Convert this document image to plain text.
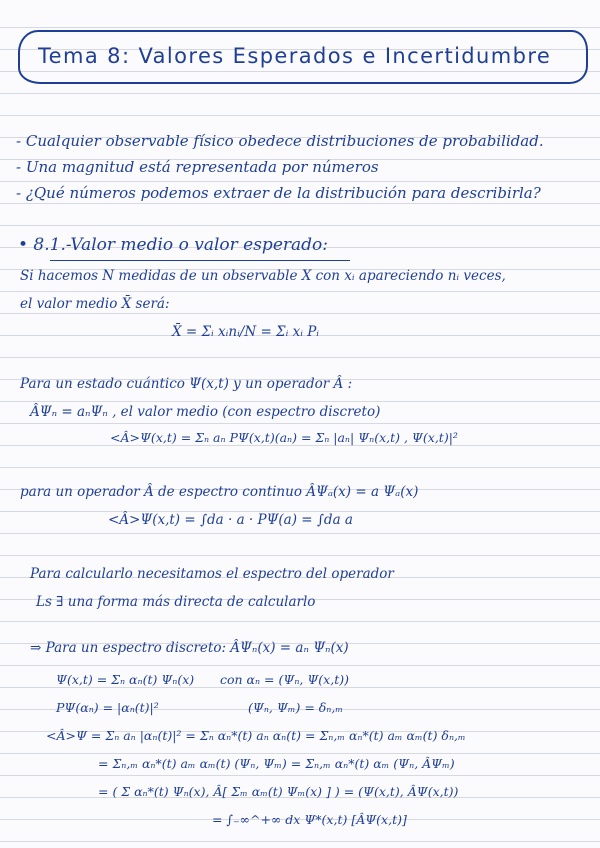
Tema 8: Valores Esperados e Incertidumbre
- Cualquier observable físico obedece distribuciones de probabilidad.
- Una magnitud está representada por números
- ¿Qué números podemos extraer de la distribución para describirla?
• 8.1.-Valor medio o valor esperado:
Si hacemos N medidas de un observable X con xᵢ apareciendo nᵢ veces,
el valor medio X̄ será:
X̄ = Σᵢ xᵢnᵢ/N = Σᵢ xᵢ Pᵢ
Para un estado cuántico Ψ(x,t) y un operador Â :
ÂΨₙ = aₙΨₙ , el valor medio (con espectro discreto)
<Â>Ψ(x,t) = Σₙ aₙ PΨ(x,t)(aₙ) = Σₙ |aₙ| Ψₙ(x,t) , Ψ(x,t)|²
para un operador Â de espectro continuo ÂΨₐ(x) = a Ψₐ(x)
<Â>Ψ(x,t) = ∫da · a · PΨ(a) = ∫da a
Para calcularlo necesitamos el espectro del operador
Ls ∃ una forma más directa de calcularlo
⇒ Para un espectro discreto: ÂΨₙ(x) = aₙ Ψₙ(x)
Ψ(x,t) = Σₙ αₙ(t) Ψₙ(x) con αₙ = (Ψₙ, Ψ(x,t))
PΨ(αₙ) = |αₙ(t)|²	(Ψₙ, Ψₘ) = δₙ,ₘ
<Â>Ψ = Σₙ aₙ |αₙ(t)|² = Σₙ αₙ*(t) aₙ αₙ(t) = Σₙ,ₘ αₙ*(t) aₘ αₘ(t) δₙ,ₘ
= Σₙ,ₘ αₙ*(t) aₘ αₘ(t) (Ψₙ, Ψₘ) = Σₙ,ₘ αₙ*(t) αₘ (Ψₙ, ÂΨₘ)
= ( Σ αₙ*(t) Ψₙ(x), Â[ Σₘ αₘ(t) Ψₘ(x) ] ) = (Ψ(x,t), ÂΨ(x,t))
= ∫₋∞^+∞ dx Ψ*(x,t) [ÂΨ(x,t)]
